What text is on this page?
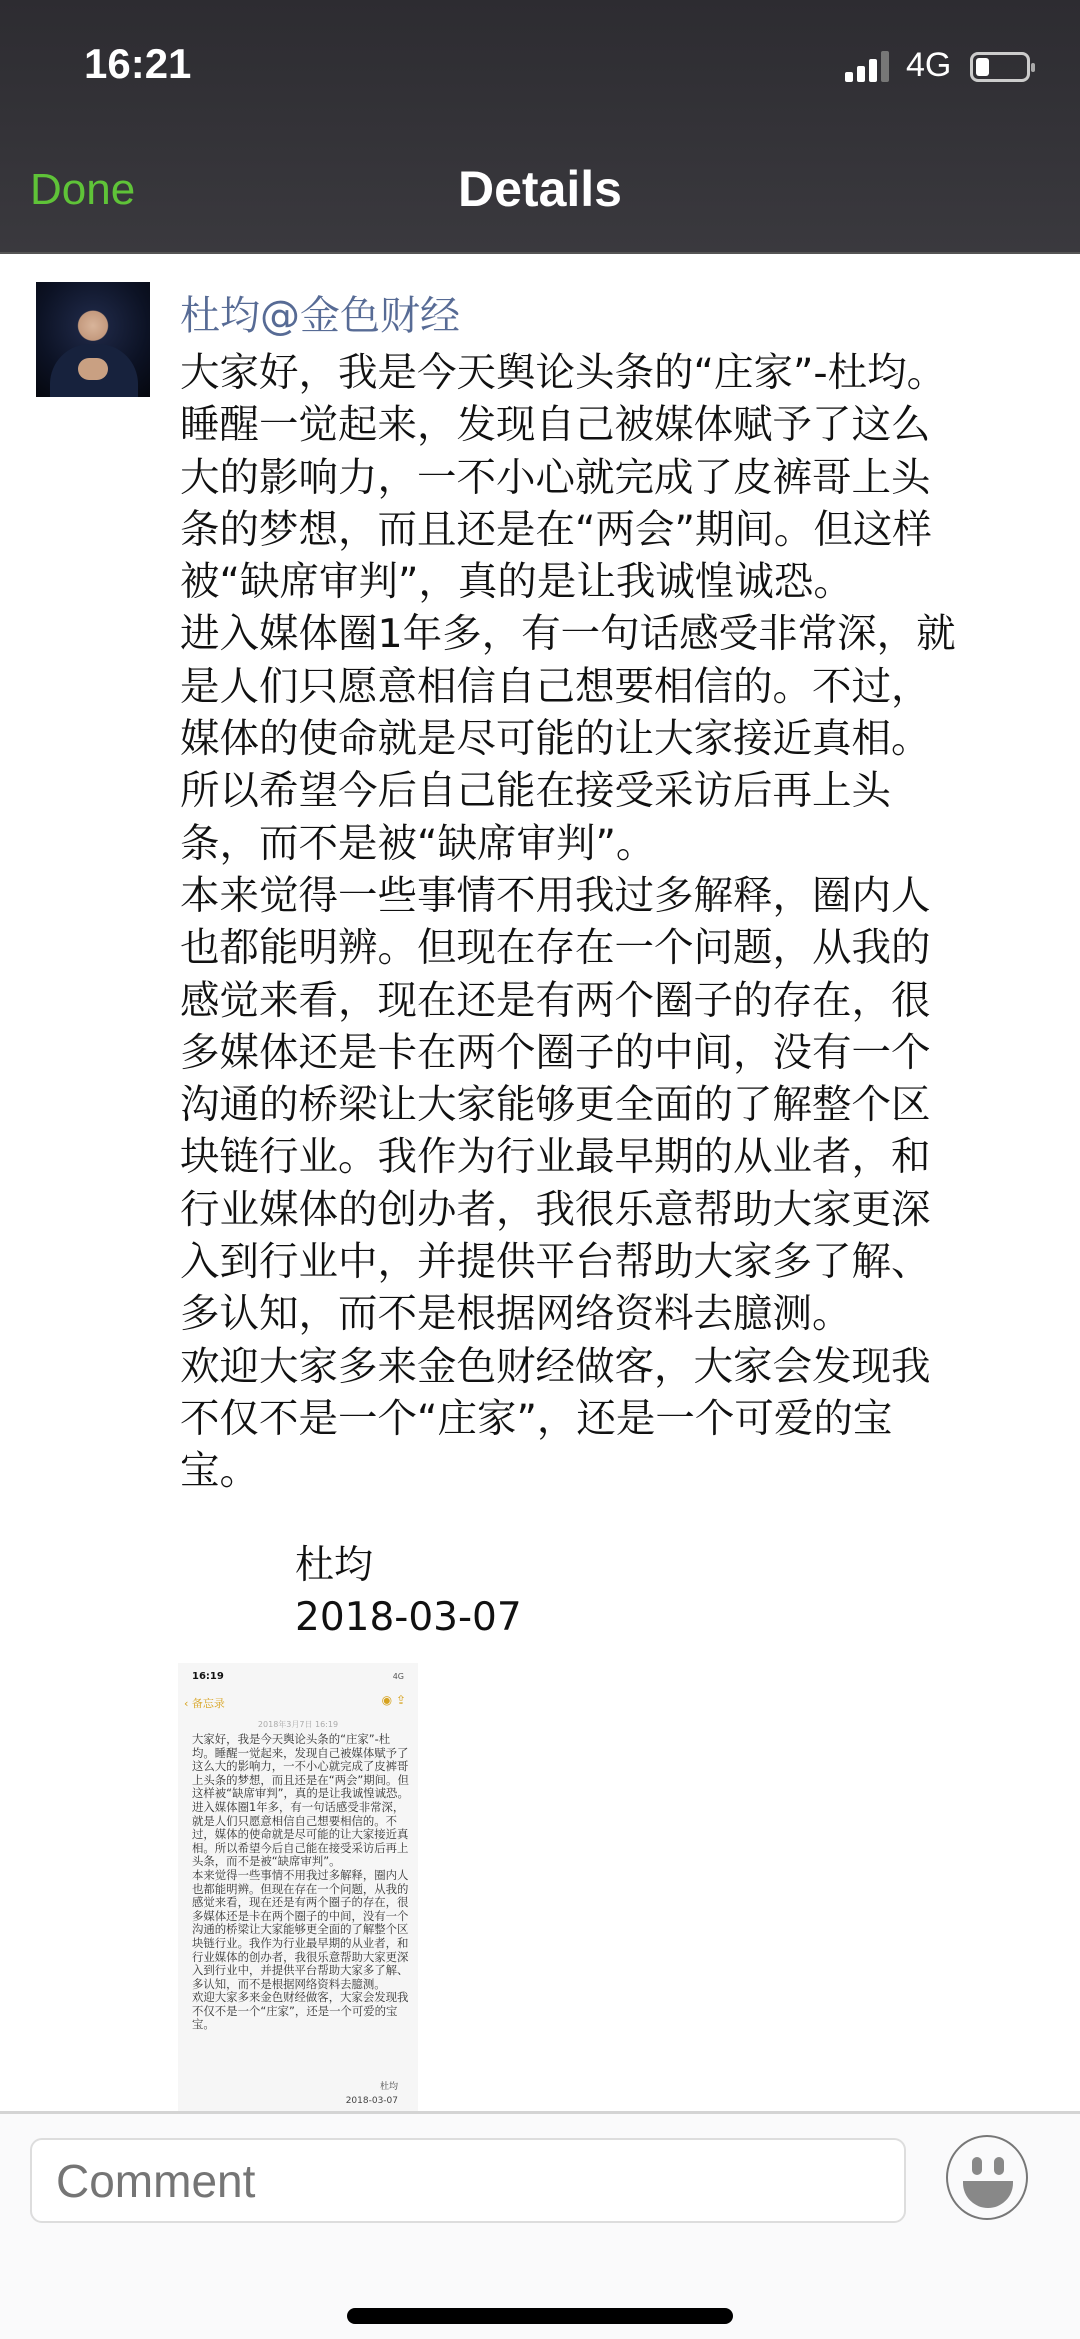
16:21	4G
Done	Details
杜均@金色财经
大家好，我是今天舆论头条的“庄家”-杜均。
睡醒一觉起来，发现自己被媒体赋予了这么
大的影响力，一不小心就完成了皮裤哥上头
条的梦想，而且还是在“两会”期间。但这样
被“缺席审判”，真的是让我诚惶诚恐。
进入媒体圈1年多，有一句话感受非常深，就
是人们只愿意相信自己想要相信的。不过，
媒体的使命就是尽可能的让大家接近真相。
所以希望今后自己能在接受采访后再上头
条，而不是被“缺席审判”。
本来觉得一些事情不用我过多解释，圈内人
也都能明辨。但现在存在一个问题，从我的
感觉来看，现在还是有两个圈子的存在，很
多媒体还是卡在两个圈子的中间，没有一个
沟通的桥梁让大家能够更全面的了解整个区
块链行业。我作为行业最早期的从业者，和
行业媒体的创办者，我很乐意帮助大家更深
入到行业中，并提供平台帮助大家多了解、
多认知，而不是根据网络资料去臆测。
欢迎大家多来金色财经做客，大家会发现我
不仅不是一个“庄家”，还是一个可爱的宝
宝。
杜均
2018-03-07
16:19	4G
‹ 备忘录	◉ ⇪
2018年3月7日 16:19
大家好，我是今天舆论头条的“庄家”-杜均。睡醒一觉起来，发现自己被媒体赋予了这么大的影响力，一不小心就完成了皮裤哥上头条的梦想，而且还是在“两会”期间。但这样被“缺席审判”，真的是让我诚惶诚恐。
进入媒体圈1年多，有一句话感受非常深，就是人们只愿意相信自己想要相信的。不过，媒体的使命就是尽可能的让大家接近真相。所以希望今后自己能在接受采访后再上头条，而不是被“缺席审判”。
本来觉得一些事情不用我过多解释，圈内人也都能明辨。但现在存在一个问题，从我的感觉来看，现在还是有两个圈子的存在，很多媒体还是卡在两个圈子的中间，没有一个沟通的桥梁让大家能够更全面的了解整个区块链行业。我作为行业最早期的从业者，和行业媒体的创办者，我很乐意帮助大家更深入到行业中，并提供平台帮助大家多了解、多认知，而不是根据网络资料去臆测。
欢迎大家多来金色财经做客，大家会发现我不仅不是一个“庄家”，还是一个可爱的宝宝。
杜均
2018-03-07
Comment
